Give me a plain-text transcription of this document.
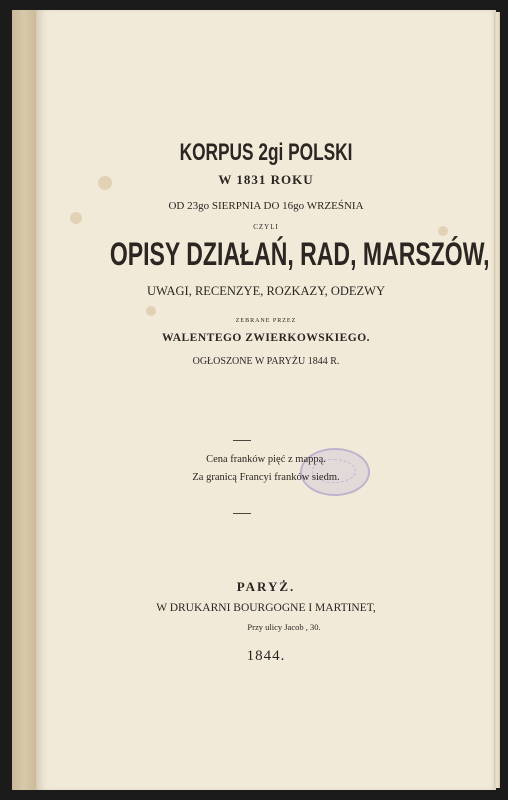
KORPUS 2gi POLSKI
W 1831 ROKU
OD 23go SIERPNIA DO 16go WRZEŚNIA
CZYLI
OPISY DZIAŁAŃ, RAD, MARSZÓW,
UWAGI, RECENZYE, ROZKAZY, ODEZWY
ZEBRANE PRZEZ
WALENTEGO ZWIERKOWSKIEGO.
OGŁOSZONE W PARYŻU 1844 R.
Cena franków pięć z mappą.
Za granicą Francyi franków siedm.
PARYŻ.
W DRUKARNI BOURGOGNE I MARTINET,
Przy ulicy Jacob , 30.
1844.
